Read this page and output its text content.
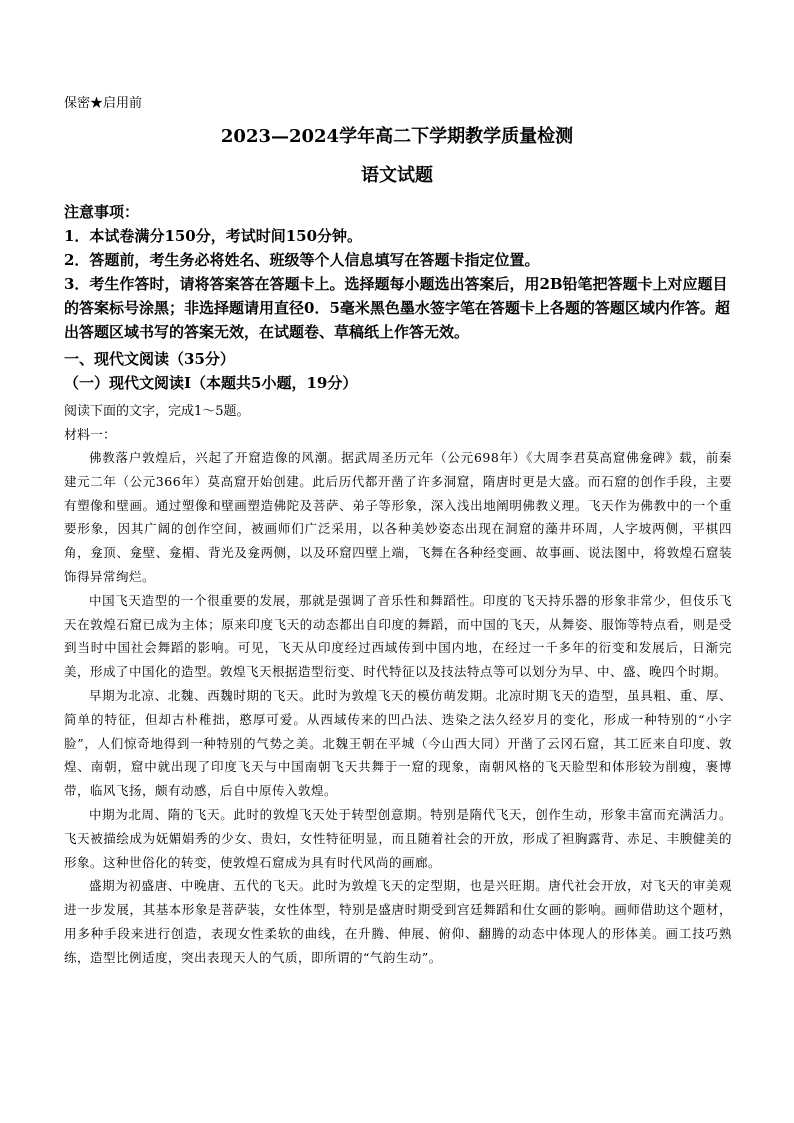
保密★启用前
2023—2024学年高二下学期教学质量检测
语文试题
注意事项：
1．本试卷满分150分，考试时间150分钟。
2．答题前，考生务必将姓名、班级等个人信息填写在答题卡指定位置。
3．考生作答时，请将答案答在答题卡上。选择题每小题选出答案后，用2B铅笔把答题卡上对应题目的答案标号涂黑；非选择题请用直径0．5毫米黑色墨水签字笔在答题卡上各题的答题区域内作答。超出答题区域书写的答案无效，在试题卷、草稿纸上作答无效。
一、现代文阅读（35分）
（一）现代文阅读Ⅰ（本题共5小题，19分）
阅读下面的文字，完成1～5题。
材料一：

佛教落户敦煌后，兴起了开窟造像的风潮。据武周圣历元年（公元698年）《大周李君莫高窟佛龛碑》载，前秦建元二年（公元366年）莫高窟开始创建。此后历代都开凿了许多洞窟，隋唐时更是大盛。而石窟的创作手段，主要有塑像和壁画。通过塑像和壁画塑造佛陀及菩萨、弟子等形象，深入浅出地阐明佛教义理。飞天作为佛教中的一个重要形象，因其广阔的创作空间，被画师们广泛采用，以各种美妙姿态出现在洞窟的藻井环周，人字坡两侧，平棋四角，龛顶、龛壁、龛楣、背光及龛两侧，以及环窟四壁上端，飞舞在各种经变画、故事画、说法图中，将敦煌石窟装饰得异常绚烂。

中国飞天造型的一个很重要的发展，那就是强调了音乐性和舞蹈性。印度的飞天持乐器的形象非常少，但伎乐飞天在敦煌石窟已成为主体；原来印度飞天的动态都出自印度的舞蹈，而中国的飞天，从舞姿、服饰等特点看，则是受到当时中国社会舞蹈的影响。可见，飞天从印度经过西域传到中国内地，在经过一千多年的衍变和发展后，日渐完美，形成了中国化的造型。敦煌飞天根据造型衍变、时代特征以及技法特点等可以划分为早、中、盛、晚四个时期。

早期为北凉、北魏、西魏时期的飞天。此时为敦煌飞天的模仿萌发期。北凉时期飞天的造型，虽具粗、重、厚、简单的特征，但却古朴稚拙，憨厚可爱。从西域传来的凹凸法、迭染之法久经岁月的变化，形成一种特别的“小字脸”，人们惊奇地得到一种特别的气势之美。北魏王朝在平城（今山西大同）开凿了云冈石窟，其工匠来自印度、敦煌、南朝，窟中就出现了印度飞天与中国南朝飞天共舞于一窟的现象，南朝风格的飞天脸型和体形较为削瘦，裹博带，临风飞扬，颇有动感，后自中原传入敦煌。

中期为北周、隋的飞天。此时的敦煌飞天处于转型创意期。特别是隋代飞天，创作生动，形象丰富而充满活力。飞天被描绘成为妩媚娟秀的少女、贵妇，女性特征明显，而且随着社会的开放，形成了袒胸露背、赤足、丰腴健美的形象。这种世俗化的转变，使敦煌石窟成为具有时代风尚的画廊。

盛期为初盛唐、中晚唐、五代的飞天。此时为敦煌飞天的定型期，也是兴旺期。唐代社会开放，对飞天的审美观进一步发展，其基本形象是菩萨装，女性体型，特别是盛唐时期受到宫廷舞蹈和仕女画的影响。画师借助这个题材，用多种手段来进行创造，表现女性柔软的曲线，在升腾、伸展、俯仰、翻腾的动态中体现人的形体美。画工技巧熟练，造型比例适度，突出表现天人的气质，即所谓的“气韵生动”。
